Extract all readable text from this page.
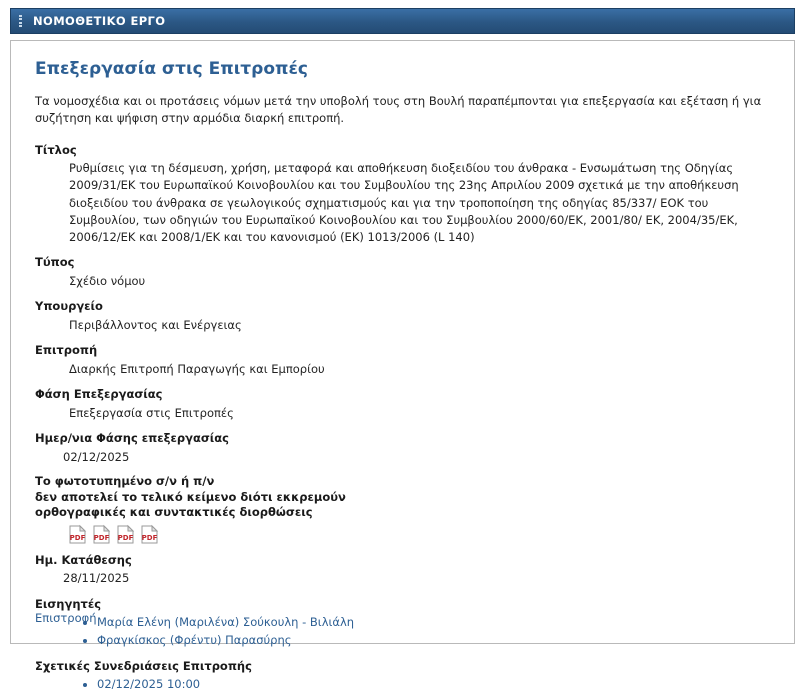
ΝΟΜΟΘΕΤΙΚΟ ΕΡΓΟ
Επεξεργασία στις Επιτροπές

Τα νομοσχέδια και οι προτάσεις νόμων μετά την υποβολή τους στη Βουλή παραπέμπονται για επεξεργασία και εξέταση ή για συζήτηση και ψήφιση στην αρμόδια διαρκή επιτροπή.

Τίτλος
Ρυθμίσεις για τη δέσμευση, χρήση, μεταφορά και αποθήκευση διοξειδίου του άνθρακα - Ενσωμάτωση της Οδηγίας 2009/31/ΕΚ του Ευρωπαϊκού Κοινοβουλίου και του Συμβουλίου της 23ης Απριλίου 2009 σχετικά με την αποθήκευση διοξειδίου του άνθρακα σε γεωλογικούς σχηματισμούς και για την τροποποίηση της οδηγίας 85/337/ ΕΟΚ του Συμβουλίου, των οδηγιών του Ευρωπαϊκού Κοινοβουλίου και του Συμβουλίου 2000/60/ΕΚ, 2001/80/ ΕΚ, 2004/35/ΕΚ, 2006/12/ΕΚ και 2008/1/ΕΚ και του κανονισμού (ΕΚ) 1013/2006 (L 140)
Τύπος
Σχέδιο νόμου
Υπουργείο
Περιβάλλοντος και Ενέργειας
Επιτροπή
Διαρκής Επιτροπή Παραγωγής και Εμπορίου
Φάση Επεξεργασίας
Επεξεργασία στις Επιτροπές
Ημερ/νια Φάσης επεξεργασίας
02/12/2025
Το φωτοτυπημένο σ/ν ή π/ν
δεν αποτελεί το τελικό κείμενο διότι εκκρεμούν
ορθογραφικές και συντακτικές διορθώσεις
PDF PDF PDF PDF
Ημ. Κατάθεσης
28/11/2025
Εισηγητές
• Μαρία Ελένη (Μαριλένα) Σούκουλη - Βιλιάλη
• Φραγκίσκος (Φρέντυ) Παρασύρης
Σχετικές Συνεδριάσεις Επιτροπής
• 02/12/2025 10:00
Επιστροφή
